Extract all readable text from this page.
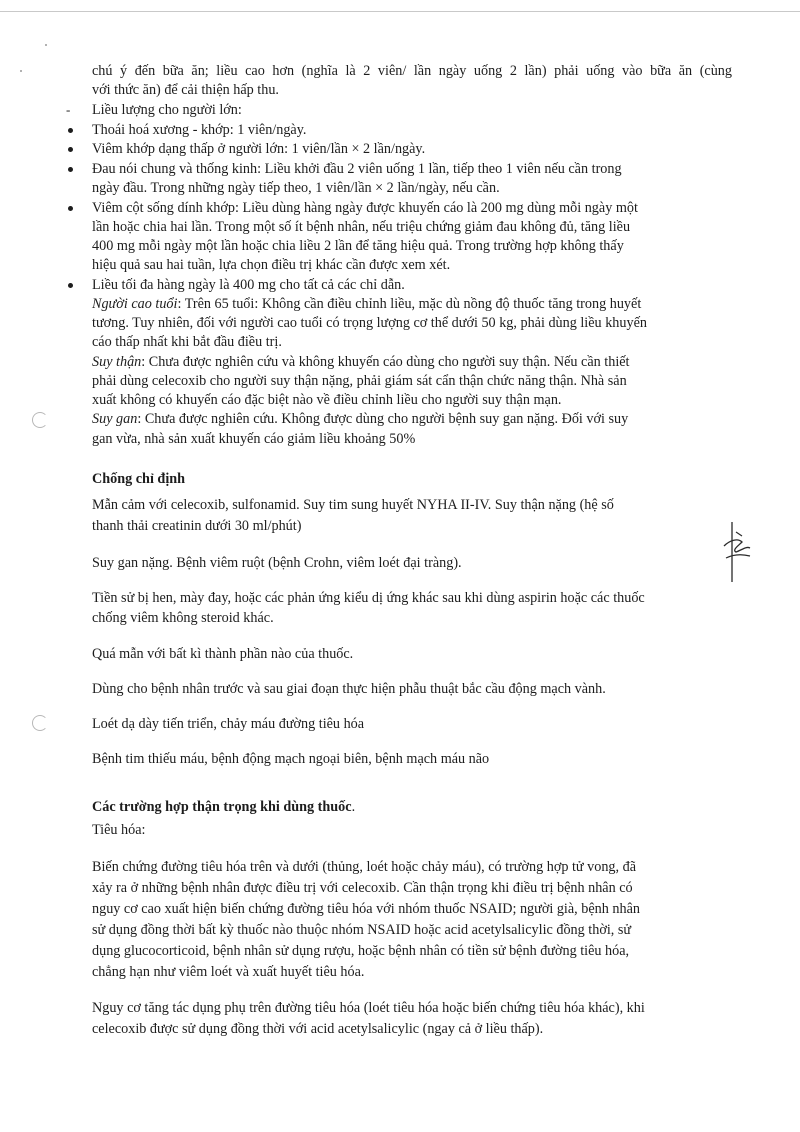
chú ý đến bữa ăn; liều cao hơn (nghĩa là 2 viên/ lần ngày uống 2 lần) phải uống vào bữa ăn (cùng
với thức ăn) để cải thiện hấp thu.
- Liều lượng cho người lớn:
Thoái hoá xương - khớp: 1 viên/ngày.
Viêm khớp dạng thấp ở người lớn: 1 viên/lần × 2 lần/ngày.
Đau nói chung và thống kinh: Liều khởi đầu 2 viên uống 1 lần, tiếp theo 1 viên nếu cần trong
ngày đầu. Trong những ngày tiếp theo, 1 viên/lần × 2 lần/ngày, nếu cần.
Viêm cột sống dính khớp: Liều dùng hàng ngày được khuyến cáo là 200 mg dùng mỗi ngày một
lần hoặc chia hai lần. Trong một số ít bệnh nhân, nếu triệu chứng giảm đau không đủ, tăng liều
400 mg mỗi ngày một lần hoặc chia liều 2 lần để tăng hiệu quả. Trong trường hợp không thấy
hiệu quả sau hai tuần, lựa chọn điều trị khác cần được xem xét.
Liều tối đa hàng ngày là 400 mg cho tất cả các chỉ dẫn.
Người cao tuổi: Trên 65 tuổi: Không cần điều chỉnh liều, mặc dù nồng độ thuốc tăng trong huyết
tương. Tuy nhiên, đối với người cao tuổi có trọng lượng cơ thể dưới 50 kg, phải dùng liều khuyến
cáo thấp nhất khi bắt đầu điều trị.
Suy thận: Chưa được nghiên cứu và không khuyến cáo dùng cho người suy thận. Nếu cần thiết
phải dùng celecoxib cho người suy thận nặng, phải giám sát cẩn thận chức năng thận. Nhà sản
xuất không có khuyến cáo đặc biệt nào về điều chỉnh liều cho người suy thận mạn.
Suy gan: Chưa được nghiên cứu. Không được dùng cho người bệnh suy gan nặng. Đối với suy
gan vừa, nhà sản xuất khuyến cáo giảm liều khoảng 50%
Chống chỉ định
Mẫn cảm với celecoxib, sulfonamid. Suy tim sung huyết NYHA II-IV. Suy thận nặng (hệ số
thanh thải creatinin dưới 30 ml/phút)
Suy gan nặng. Bệnh viêm ruột (bệnh Crohn, viêm loét đại tràng).
Tiền sử bị hen, mày đay, hoặc các phản ứng kiểu dị ứng khác sau khi dùng aspirin hoặc các thuốc
chống viêm không steroid khác.
Quá mẫn với bất kì thành phần nào của thuốc.
Dùng cho bệnh nhân trước và sau giai đoạn thực hiện phẫu thuật bắc cầu động mạch vành.
Loét dạ dày tiến triển, chảy máu đường tiêu hóa
Bệnh tim thiếu máu, bệnh động mạch ngoại biên, bệnh mạch máu não
Các trường hợp thận trọng khi dùng thuốc.
Tiêu hóa:
Biến chứng đường tiêu hóa trên và dưới (thủng, loét hoặc chảy máu), có trường hợp tử vong, đã
xảy ra ở những bệnh nhân được điều trị với celecoxib. Cần thận trọng khi điều trị bệnh nhân có
nguy cơ cao xuất hiện biến chứng đường tiêu hóa với nhóm thuốc NSAID; người già, bệnh nhân
sử dụng đồng thời bất kỳ thuốc nào thuộc nhóm NSAID hoặc acid acetylsalicylic đồng thời, sử
dụng glucocorticoid, bệnh nhân sử dụng rượu, hoặc bệnh nhân có tiền sử bệnh đường tiêu hóa,
chẳng hạn như viêm loét và xuất huyết tiêu hóa.
Nguy cơ tăng tác dụng phụ trên đường tiêu hóa (loét tiêu hóa hoặc biến chứng tiêu hóa khác), khi
celecoxib được sử dụng đồng thời với acid acetylsalicylic (ngay cả ở liều thấp).
